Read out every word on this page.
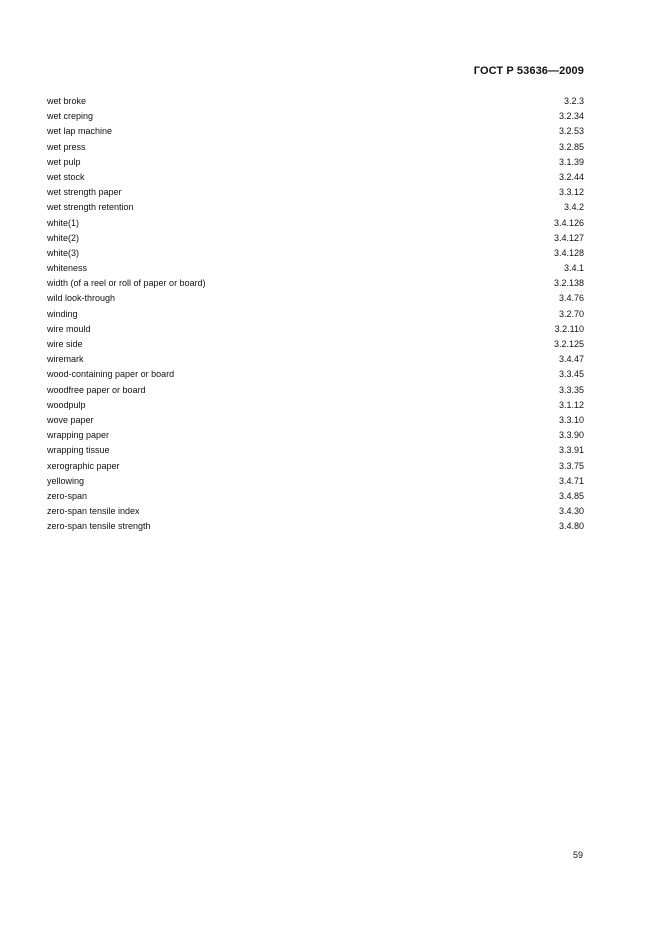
ГОСТ Р 53636—2009
wet broke	3.2.3
wet creping	3.2.34
wet lap machine	3.2.53
wet press	3.2.85
wet pulp	3.1.39
wet stock	3.2.44
wet strength paper	3.3.12
wet strength retention	3.4.2
white(1)	3.4.126
white(2)	3.4.127
white(3)	3.4.128
whiteness	3.4.1
width (of a reel or roll of paper or board)	3.2.138
wild look-through	3.4.76
winding	3.2.70
wire mould	3.2.110
wire side	3.2.125
wiremark	3.4.47
wood-containing paper or board	3.3.45
woodfree paper or board	3.3.35
woodpulp	3.1.12
wove paper	3.3.10
wrapping paper	3.3.90
wrapping tissue	3.3.91
xerographic paper	3.3.75
yellowing	3.4.71
zero-span	3.4.85
zero-span tensile index	3.4.30
zero-span tensile strength	3.4.80
59
